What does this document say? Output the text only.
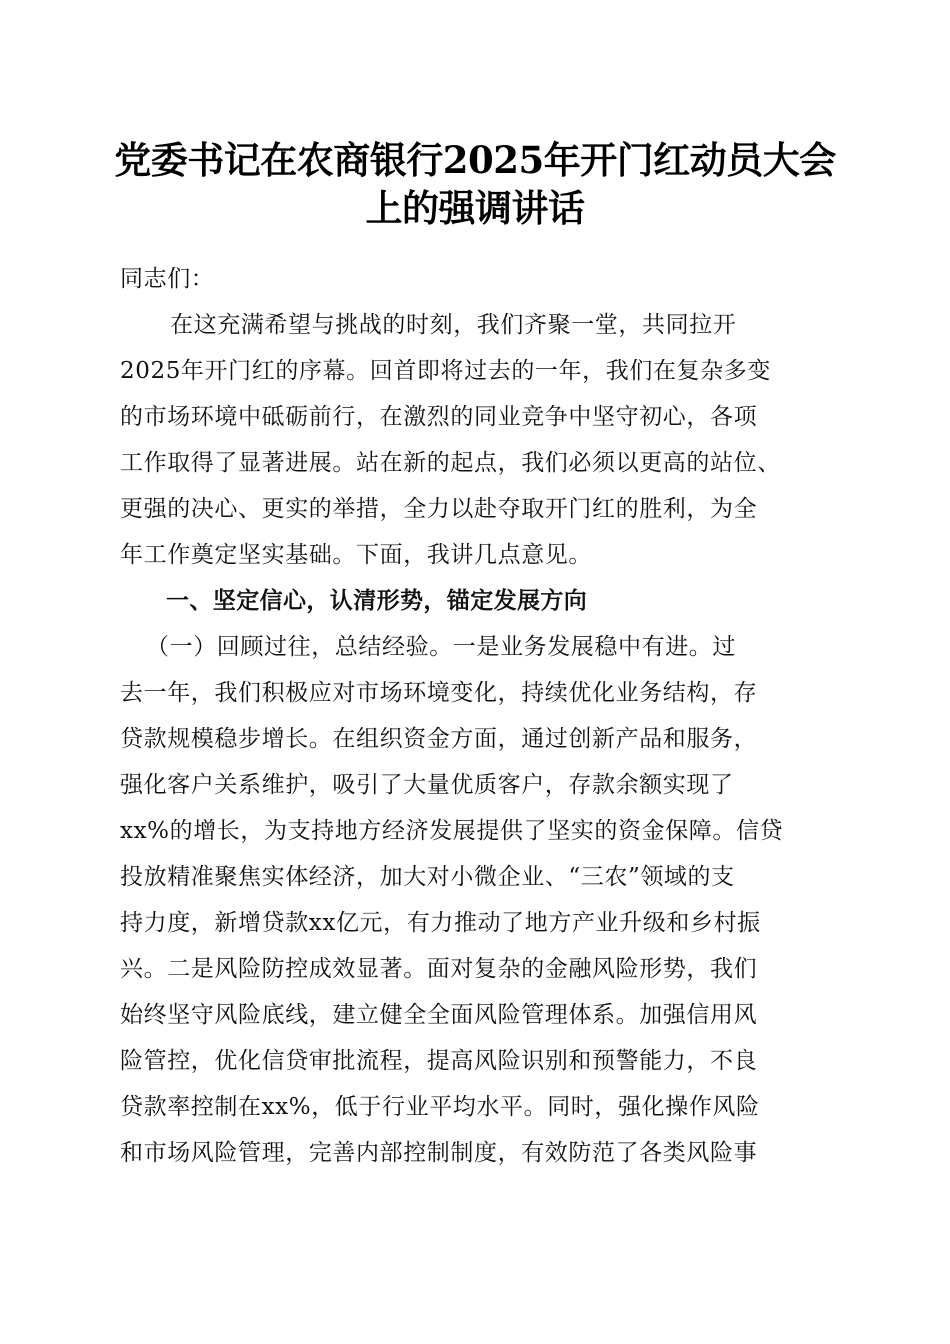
党委书记在农商银行2025年开门红动员大会
上的强调讲话
同志们：
在这充满希望与挑战的时刻，我们齐聚一堂，共同拉开
2025年开门红的序幕。回首即将过去的一年，我们在复杂多变
的市场环境中砥砺前行，在激烈的同业竞争中坚守初心，各项
工作取得了显著进展。站在新的起点，我们必须以更高的站位、
更强的决心、更实的举措，全力以赴夺取开门红的胜利，为全
年工作奠定坚实基础。下面，我讲几点意见。
一、坚定信心，认清形势，锚定发展方向
（一）回顾过往，总结经验。一是业务发展稳中有进。过
去一年，我们积极应对市场环境变化，持续优化业务结构，存
贷款规模稳步增长。在组织资金方面，通过创新产品和服务，
强化客户关系维护，吸引了大量优质客户，存款余额实现了
xx%的增长，为支持地方经济发展提供了坚实的资金保障。信贷
投放精准聚焦实体经济，加大对小微企业、“三农”领域的支
持力度，新增贷款xx亿元，有力推动了地方产业升级和乡村振
兴。二是风险防控成效显著。面对复杂的金融风险形势，我们
始终坚守风险底线，建立健全全面风险管理体系。加强信用风
险管控，优化信贷审批流程，提高风险识别和预警能力，不良
贷款率控制在xx%，低于行业平均水平。同时，强化操作风险
和市场风险管理，完善内部控制制度，有效防范了各类风险事
